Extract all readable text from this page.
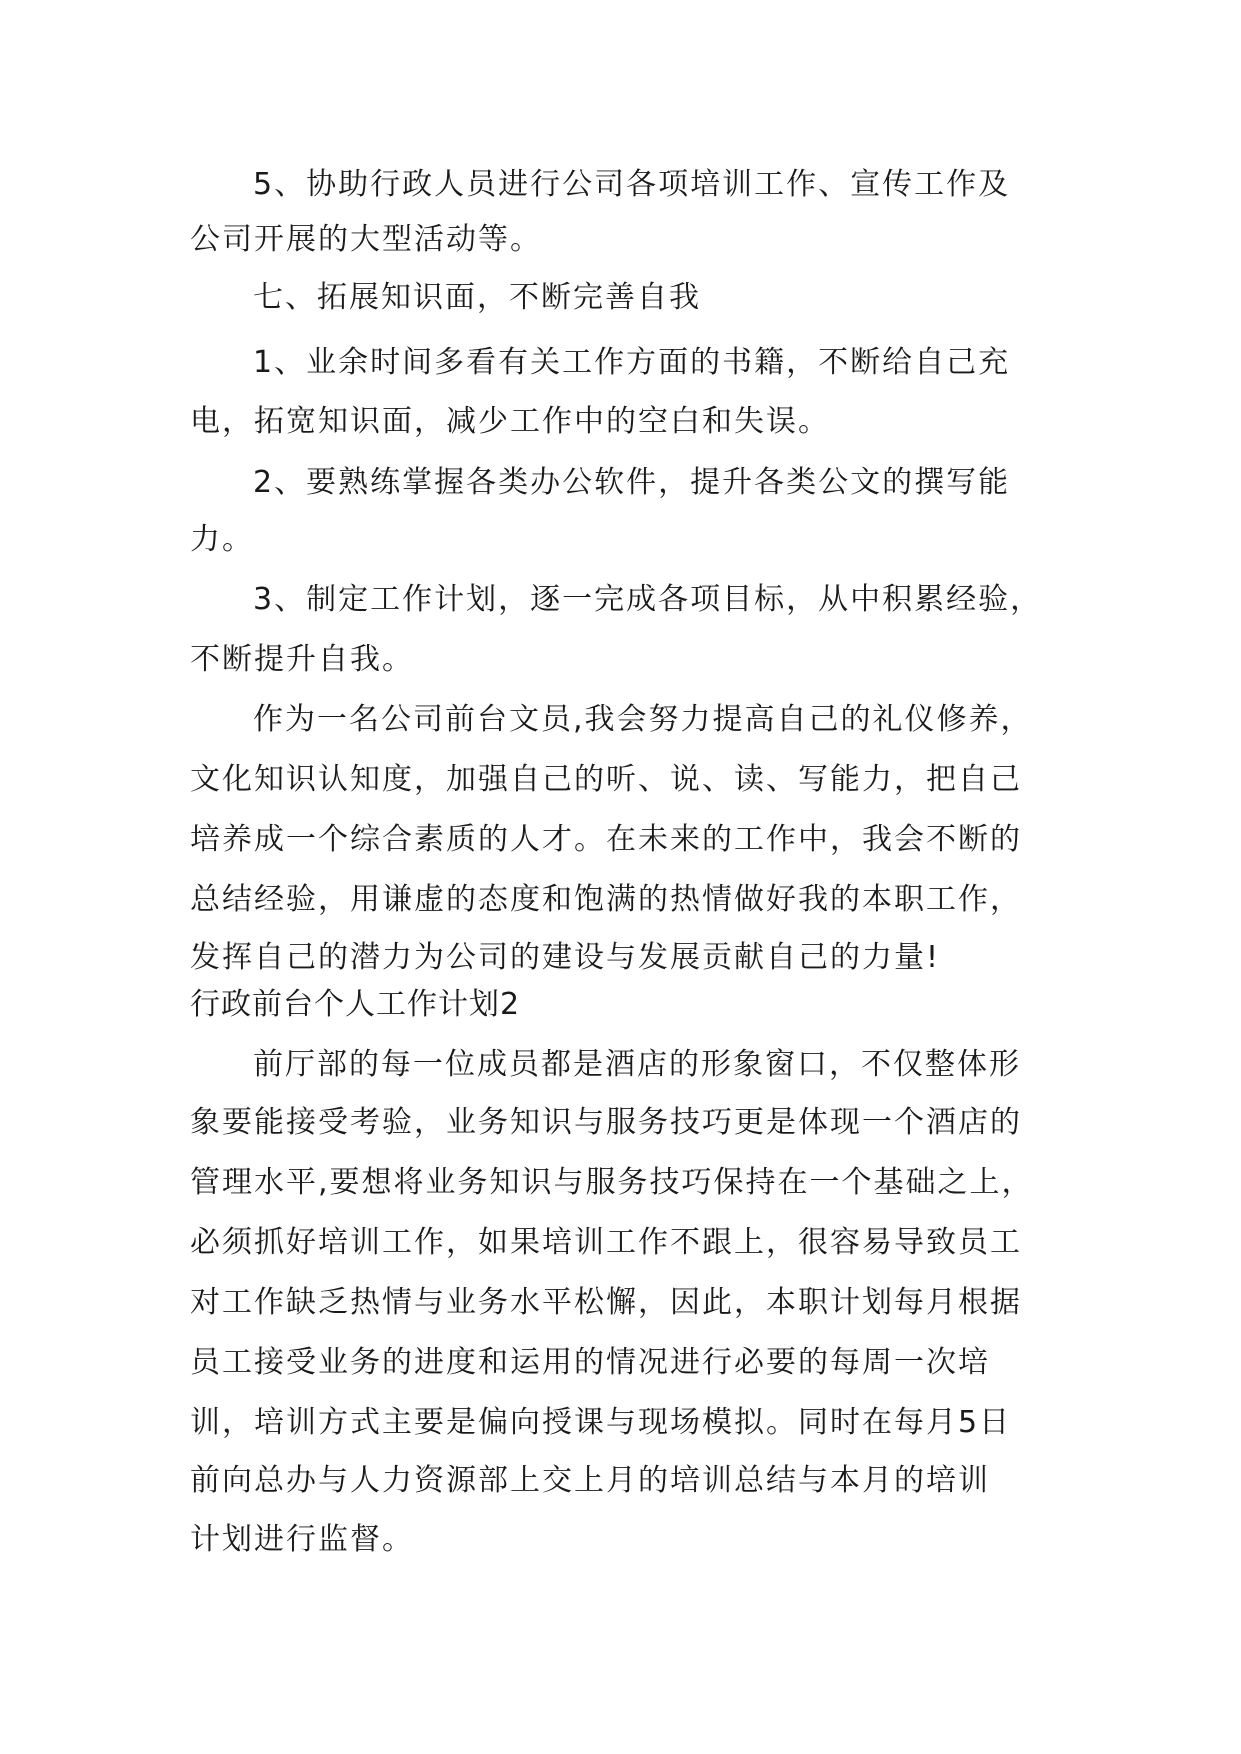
5、协助行政人员进行公司各项培训工作、宣传工作及
公司开展的大型活动等。
七、拓展知识面，不断完善自我
1、业余时间多看有关工作方面的书籍，不断给自己充
电，拓宽知识面，减少工作中的空白和失误。
2、要熟练掌握各类办公软件，提升各类公文的撰写能
力。
3、制定工作计划，逐一完成各项目标，从中积累经验，
不断提升自我。
作为一名公司前台文员,我会努力提高自己的礼仪修养，
文化知识认知度，加强自己的听、说、读、写能力，把自己
培养成一个综合素质的人才。在未来的工作中，我会不断的
总结经验，用谦虚的态度和饱满的热情做好我的本职工作，
发挥自己的潜力为公司的建设与发展贡献自己的力量!
行政前台个人工作计划2
前厅部的每一位成员都是酒店的形象窗口，不仅整体形
象要能接受考验，业务知识与服务技巧更是体现一个酒店的
管理水平,要想将业务知识与服务技巧保持在一个基础之上，
必须抓好培训工作，如果培训工作不跟上，很容易导致员工
对工作缺乏热情与业务水平松懈，因此，本职计划每月根据
员工接受业务的进度和运用的情况进行必要的每周一次培
训，培训方式主要是偏向授课与现场模拟。同时在每月5日
前向总办与人力资源部上交上月的培训总结与本月的培训
计划进行监督。
